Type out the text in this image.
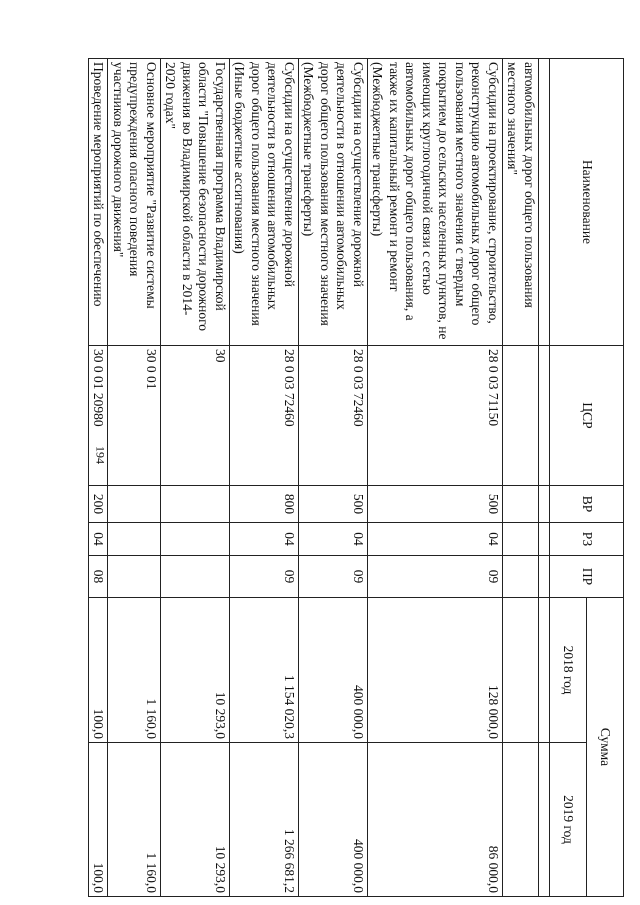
194
Наименование	ЦСР	ВР	РЗ	ПР	Сумма	
					2018 год	2019 год

автомобильных дорог общего пользования местного значения"						
Субсидии на проектирование, строительство, реконструкцию автомобильных дорог общего пользования местного значения с твердым покрытием до сельских населенных пунктов, не имеющих круглогодичной связи с сетью автомобильных дорог общего пользования, а также их капитальный ремонт и ремонт (Межбюджетные трансферты)	28 0 03 71150	500	04	09	128 000,0	86 000,0
Субсидии на осуществление дорожной деятельности в отношении автомобильных дорог общего пользования местного значения (Межбюджетные трансферты)	28 0 03 72460	500	04	09	400 000,0	400 000,0
Субсидии на осуществление дорожной деятельности в отношении автомобильных дорог общего пользования местного значения (Иные бюджетные ассигнования)	28 0 03 72460	800	04	09	1 154 020,3	1 266 681,2
Государственная программа Владимирской области "Повышение безопасности дорожного движения во Владимирской области в 2014-2020 годах"	30				10 293,0	10 293,0
Основное мероприятие "Развитие системы предупреждения опасного поведения участников дорожного движения"	30 0 01				1 160,0	1 160,0
Проведение мероприятий по обеспечению	30 0 01 20980	200	04	08	100,0	100,0
